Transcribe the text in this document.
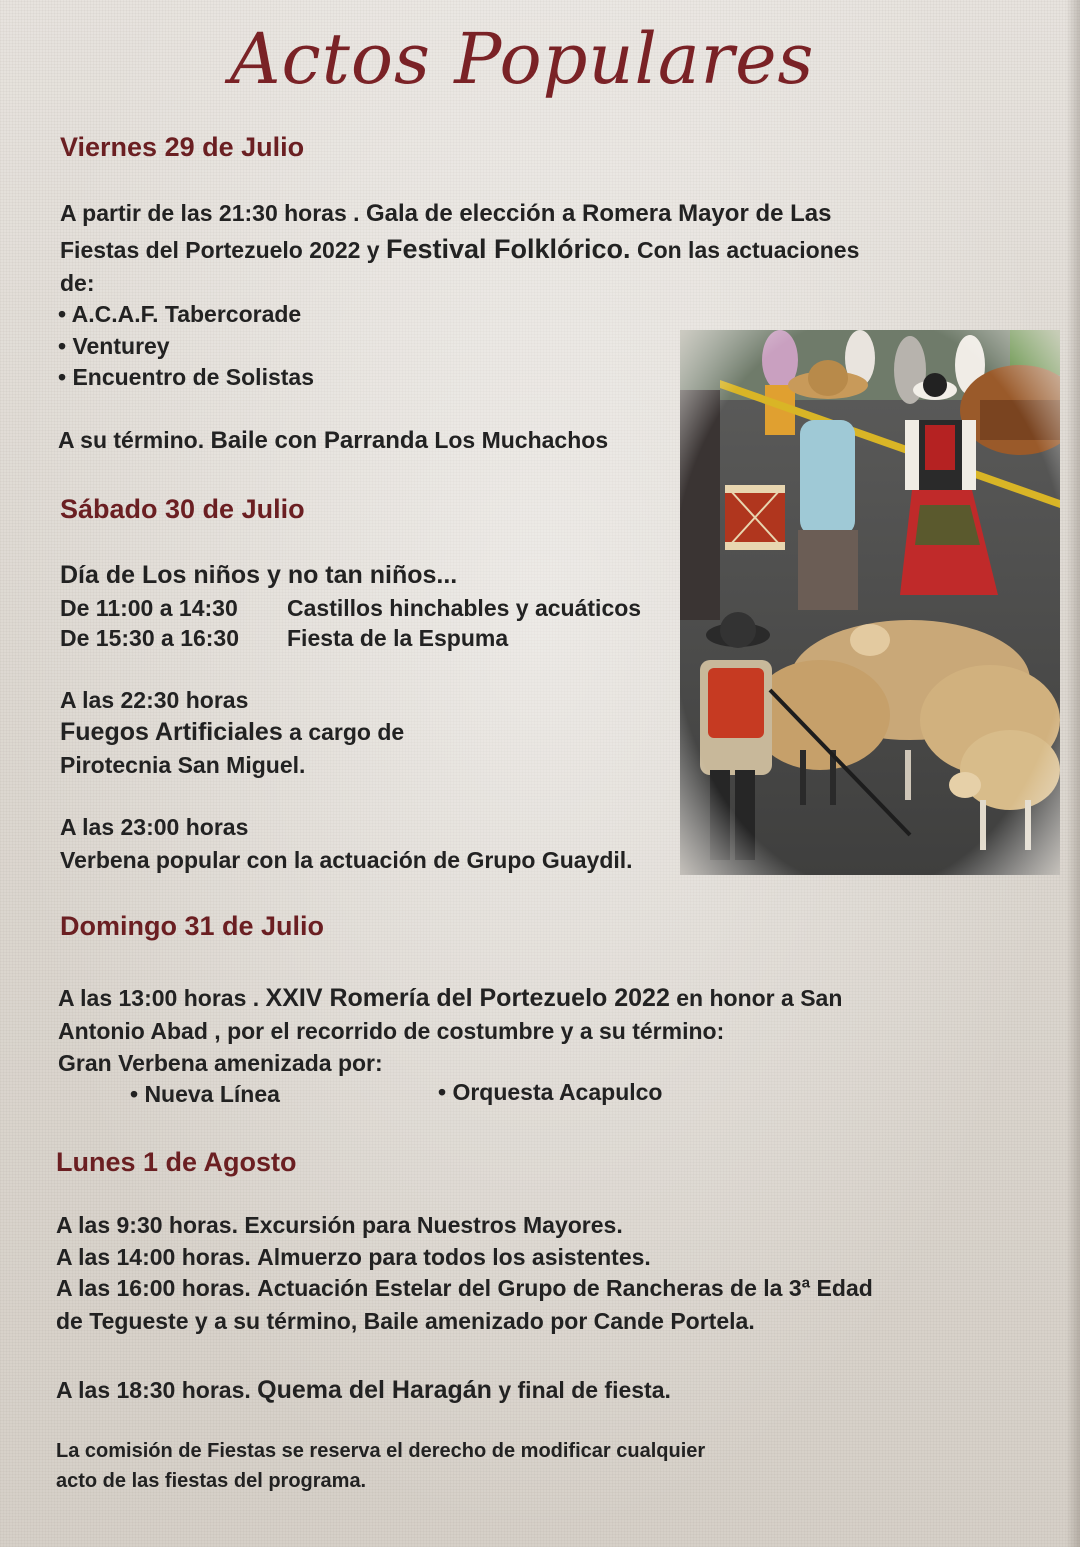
Actos Populares
Viernes 29 de Julio
A partir de las 21:30 horas . Gala de elección a Romera Mayor de Las
Fiestas del Portezuelo 2022 y Festival Folklórico. Con las actuaciones
de:
• A.C.A.F. Tabercorade
• Venturey
• Encuentro de Solistas
A su término. Baile con Parranda Los Muchachos
Sábado 30 de Julio
Día de Los niños y no tan niños...
De 11:00 a 14:30 Castillos hinchables y acuáticos
De 15:30 a 16:30 Fiesta de la Espuma
A las 22:30 horas
Fuegos Artificiales a cargo de
Pirotecnia San Miguel.
A las 23:00 horas
Verbena popular con la actuación de Grupo Guaydil.
Domingo 31 de Julio
A las 13:00 horas . XXIV Romería del Portezuelo 2022 en honor a San
Antonio Abad , por el recorrido de costumbre y a su término:
Gran Verbena amenizada por:
• Nueva Línea	• Orquesta Acapulco
Lunes 1 de Agosto
A las 9:30 horas. Excursión para Nuestros Mayores.
A las 14:00 horas. Almuerzo para todos los asistentes.
A las 16:00 horas. Actuación Estelar del Grupo de Rancheras de la 3ª Edad
de Tegueste y a su término, Baile amenizado por Cande Portela.
A las 18:30 horas. Quema del Haragán y final de fiesta.
La comisión de Fiestas se reserva el derecho de modificar cualquier
acto de las fiestas del programa.
